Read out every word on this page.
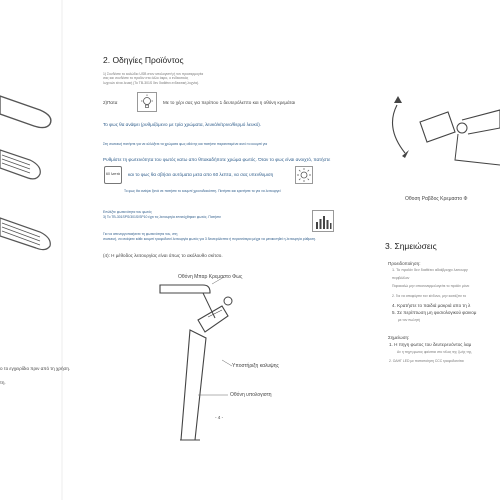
ο το εγχειρίδιο πριν από τη χρήση.
τη.
2. Οδηγίες Προϊόντος
1) Συνδέστε το καλώδιο USB στον υπολογιστή ή τον προσαρμογέα
σας και συνδέστε το προϊόν στο άλλο άκρο, ο ενδεικτικός
λυχνιών είναι λευκή (Το ΤΒ-301S δεν διαθέτει ενδεικτική λυχνία).
2)Πατα	Με το χέρι σας για περίπου 1 δευτερόλεπτο και η οθόνη κρεμάται
Το φως θα ανάψει (ρυθμιζόμενο με τρία χρώματα, λευκό/κίτρινο/θερμό λευκό).
Στη συσκευή πατήστε για να αλλάξετε τα χρώματα φως οθόνης και πατήστε παρατεταμένα αυτό το κουμπί για
Ρυθμίστε τη φωτεινότητα του φωτός κατω απο θπακαδήποτε χρώμα φωτός. Όταν το φως είναι ανοιχτό, πατήστε
60 λεπτά και το φως θα σβήσει αυτόματα μετα απο 60 λεπτα, να σας υπενθυμιση
Το φως θα ανάψει ξανά σε πατήστε το κουμπί χρονοδιακόπτη. Πατήστε και κρατήστε το για να λειτουργεί
Επιλέξτε φωτεινότητα του φωτός
3) Το ΤΒ-301SPS/301S/SP10 έχει τις λειτουργία επιτεύχθηκαν φωτός. Πατήστε
Για να απενεργοποιήσετε τη φωτεινότητα του, στη
συσκευή, να ανάψετε κάθε κουμπί τροφοδοτεί λειτουργία φωτός για 3 δευτερόλεπτα ή περισσότερα μέχρι να μετακινηθεί η λειτουργία ρύθμιση.
(4): Η μέθοδος λειτουργίας είναι όπως το ακόλουθο σκίτσο.
Οθόνη Μπαρ Κρεμαστο Φως
Υποστήριξη καλυψης
Οθόνη υπολογιστη
- 4 -
Οθοση Ραβδος Κρεμαστο Φ
3. Σημειώσεις
Προειδοποίηση:
1. Το προϊόν δεν διαθέτει αδιάβροχα λειτουργ
περιβάλλον
Παρακαλώ μην αποσυναρμολογείτε το προϊόν μόνο
2. Για να αποφύγετε τον κίνδυνο, μην κοιτάζετε το
4. Κρατήστε το παιδιά μακριά απο τη λ
5. Σε περίπτωση μη φυσιολογικού φαινομ
με τον πωλητή
Σημείωση:
1. Η πηγη φωτος του δευτερευόντος λαμ
Αν η πηγη φωτος φαίνεται στο τέλος της ζωής της,
2. ΟΔΗΓ LED με πιστοποίηση CCC τροφοδοτείται
